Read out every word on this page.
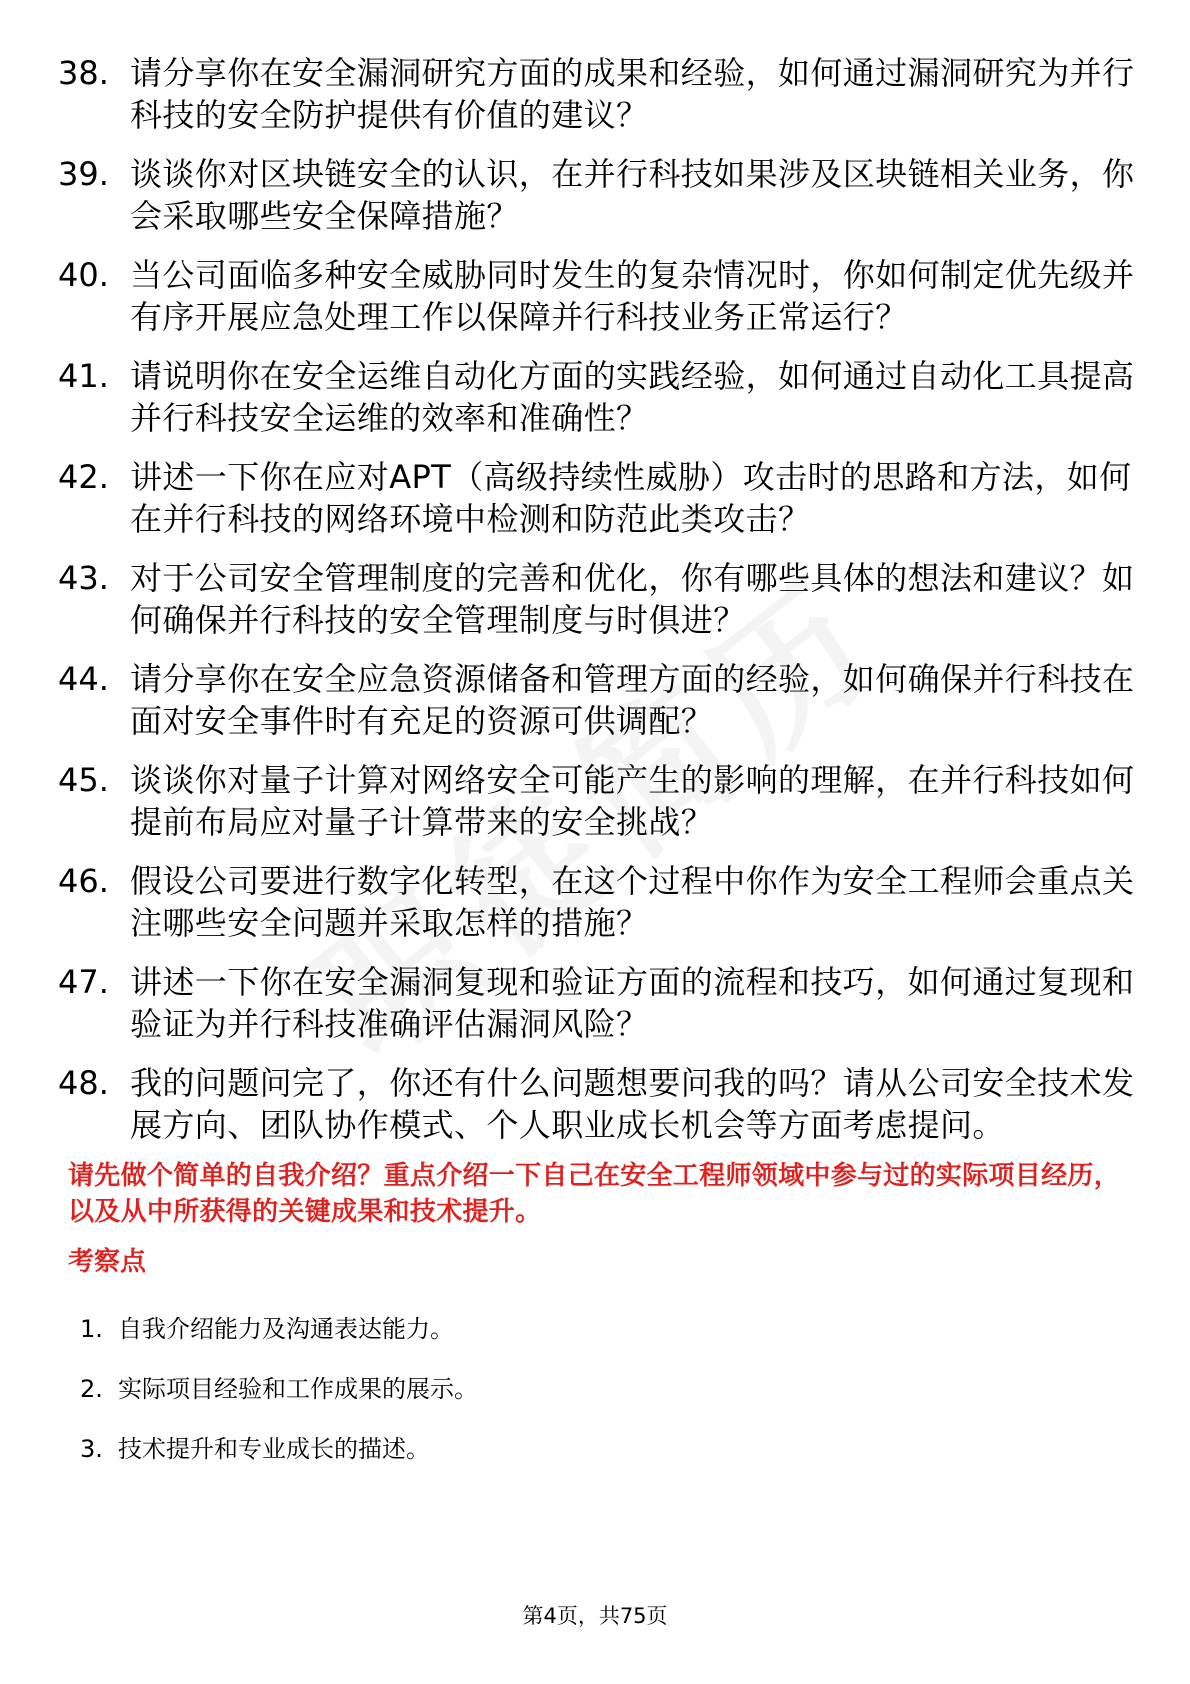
38. 请分享你在安全漏洞研究方面的成果和经验，如何通过漏洞研究为并行科技的安全防护提供有价值的建议？
39. 谈谈你对区块链安全的认识，在并行科技如果涉及区块链相关业务，你会采取哪些安全保障措施？
40. 当公司面临多种安全威胁同时发生的复杂情况时，你如何制定优先级并有序开展应急处理工作以保障并行科技业务正常运行？
41. 请说明你在安全运维自动化方面的实践经验，如何通过自动化工具提高并行科技安全运维的效率和准确性？
42. 讲述一下你在应对APT（高级持续性威胁）攻击时的思路和方法，如何在并行科技的网络环境中检测和防范此类攻击？
43. 对于公司安全管理制度的完善和优化，你有哪些具体的想法和建议？如何确保并行科技的安全管理制度与时俱进？
44. 请分享你在安全应急资源储备和管理方面的经验，如何确保并行科技在面对安全事件时有充足的资源可供调配？
45. 谈谈你对量子计算对网络安全可能产生的影响的理解，在并行科技如何提前布局应对量子计算带来的安全挑战？
46. 假设公司要进行数字化转型，在这个过程中你作为安全工程师会重点关注哪些安全问题并采取怎样的措施？
47. 讲述一下你在安全漏洞复现和验证方面的流程和技巧，如何通过复现和验证为并行科技准确评估漏洞风险？
48. 我的问题问完了，你还有什么问题想要问我的吗？请从公司安全技术发展方向、团队协作模式、个人职业成长机会等方面考虑提问。

请先做个简单的自我介绍？重点介绍一下自己在安全工程师领域中参与过的实际项目经历，以及从中所获得的关键成果和技术提升。

考察点
1. 自我介绍能力及沟通表达能力。
2. 实际项目经验和工作成果的展示。
3. 技术提升和专业成长的描述。
第4页，共75页
